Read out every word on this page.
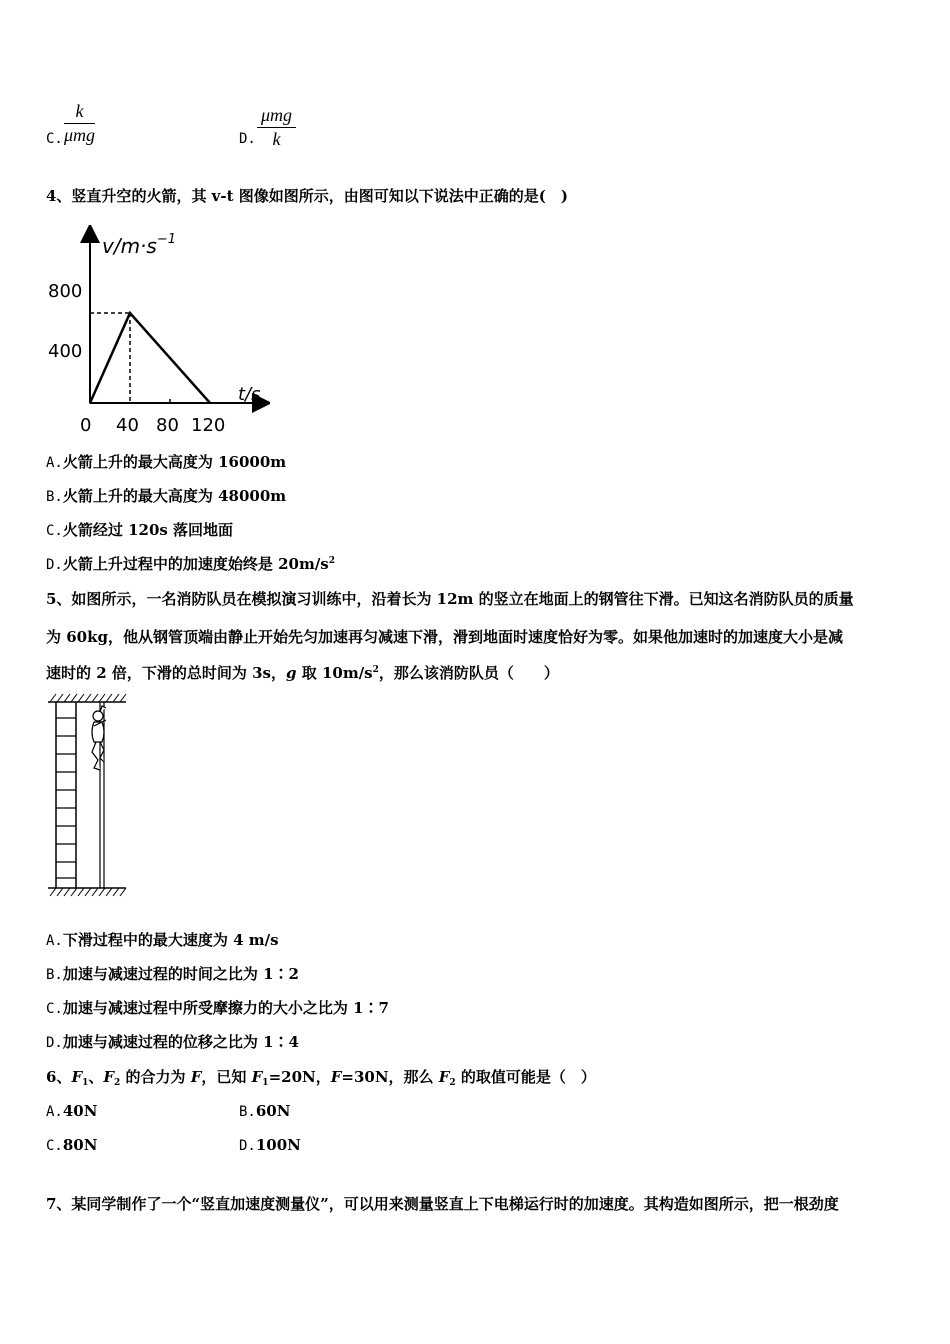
C.
k
μmg	D.
μmg
k
4、竖直升空的火箭，其 v-t 图像如图所示，由图可知以下说法中正确的是(　)
$v/m\cdot s^{-1}$
t/s
800
400
0 40 80 120
A.火箭上升的最大高度为 16000m
B.火箭上升的最大高度为 48000m
C.火箭经过 120s 落回地面
D.火箭上升过程中的加速度始终是 $20m/s^2$
5、如图所示，一名消防队员在模拟演习训练中，沿着长为 12m 的竖立在地面上的钢管往下滑。已知这名消防队员的质量
为 60kg，他从钢管顶端由静止开始先匀加速再匀减速下滑，滑到地面时速度恰好为零。如果他加速时的加速度大小是减
速时的 2 倍，下滑的总时间为 3s，g 取 $10m/s^2$，那么该消防队员（　　）
A.下滑过程中的最大速度为 4 m/s
B.加速与减速过程的时间之比为 1∶2
C.加速与减速过程中所受摩擦力的大小之比为 1∶7
D.加速与减速过程的位移之比为 1∶4
6、$F_1$、$F_2$ 的合力为 F，已知 $F_1=20N$，F=30N，那么 $F_2$ 的取值可能是（　）
A.40N	B.60N
C.80N	D.100N
7、某同学制作了一个“竖直加速度测量仪”，可以用来测量竖直上下电梯运行时的加速度。其构造如图所示，把一根劲度
